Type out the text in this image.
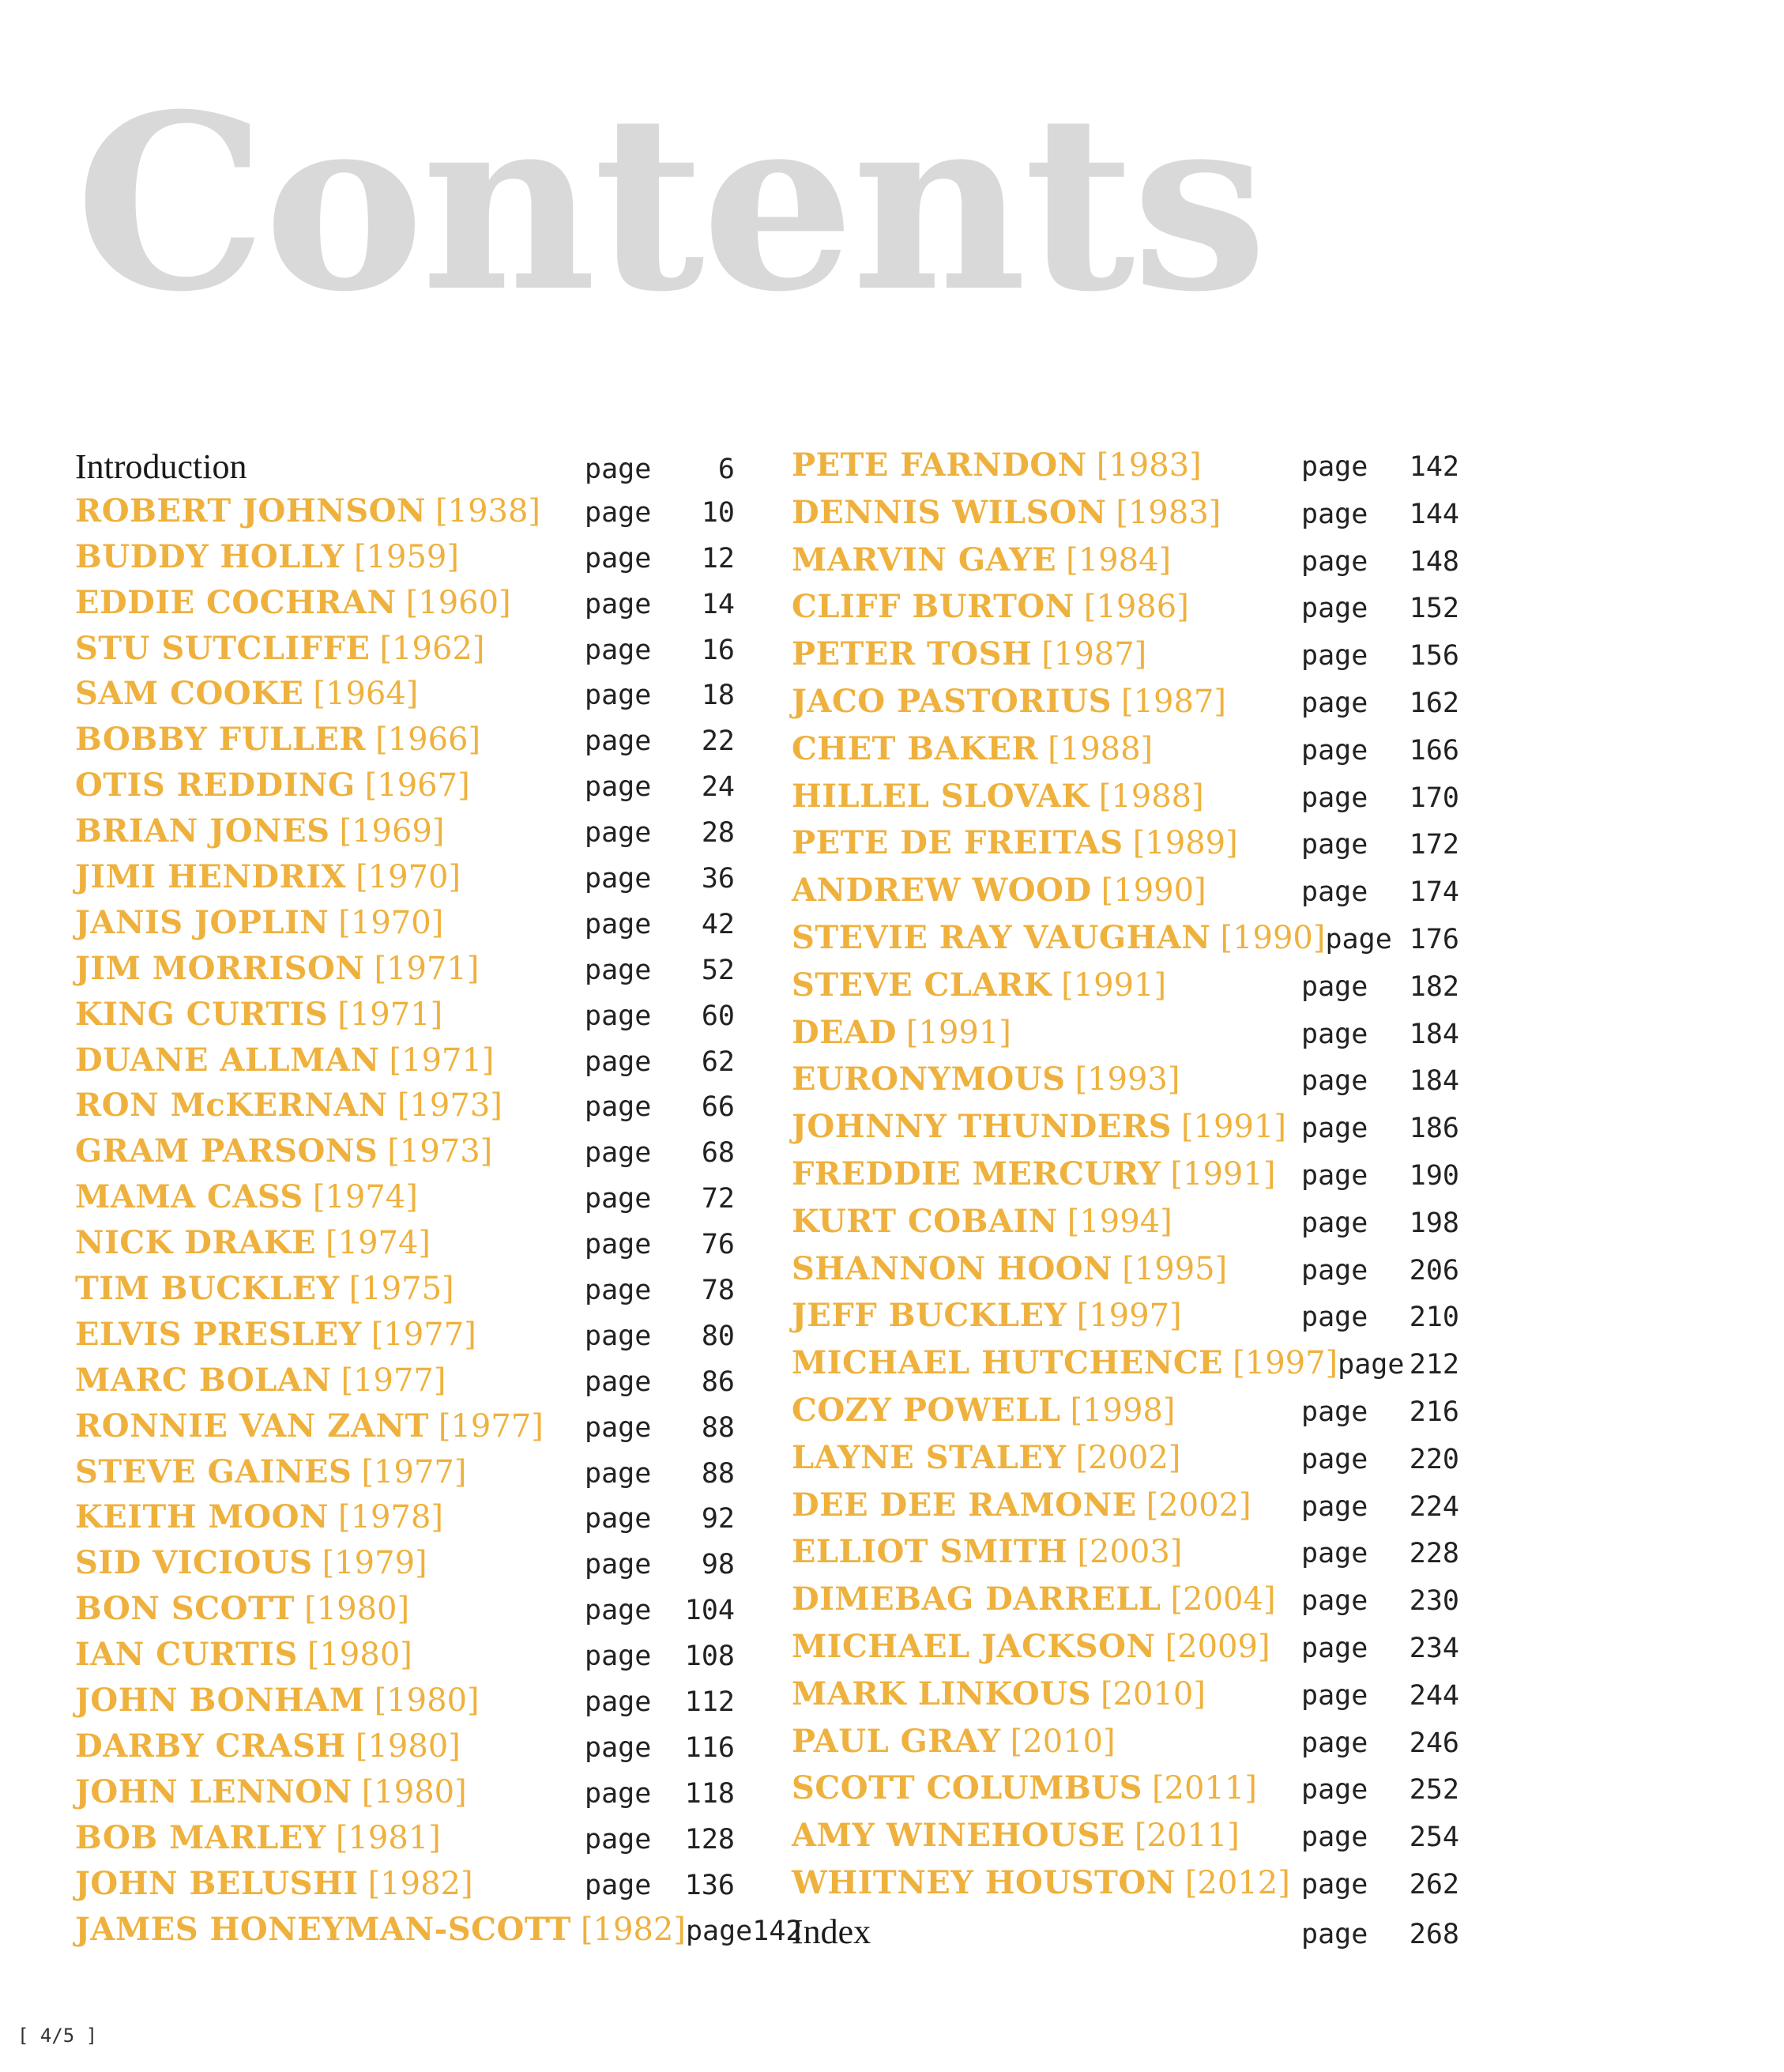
Contents
Introduction	page	6
ROBERT JOHNSON [1938]	page	10
BUDDY HOLLY [1959]	page	12
EDDIE COCHRAN [1960]	page	14
STU SUTCLIFFE [1962]	page	16
SAM COOKE [1964]	page	18
BOBBY FULLER [1966]	page	22
OTIS REDDING [1967]	page	24
BRIAN JONES [1969]	page	28
JIMI HENDRIX [1970]	page	36
JANIS JOPLIN [1970]	page	42
JIM MORRISON [1971]	page	52
KING CURTIS [1971]	page	60
DUANE ALLMAN [1971]	page	62
RON McKERNAN [1973]	page	66
GRAM PARSONS [1973]	page	68
MAMA CASS [1974]	page	72
NICK DRAKE [1974]	page	76
TIM BUCKLEY [1975]	page	78
ELVIS PRESLEY [1977]	page	80
MARC BOLAN [1977]	page	86
RONNIE VAN ZANT [1977]	page	88
STEVE GAINES [1977]	page	88
KEITH MOON [1978]	page	92
SID VICIOUS [1979]	page	98
BON SCOTT [1980]	page	104
IAN CURTIS [1980]	page	108
JOHN BONHAM [1980]	page	112
DARBY CRASH [1980]	page	116
JOHN LENNON [1980]	page	118
BOB MARLEY [1981]	page	128
JOHN BELUSHI [1982]	page	136
JAMES HONEYMAN-SCOTT [1982] page 142
PETE FARNDON [1983]	page	142
DENNIS WILSON [1983]	page	144
MARVIN GAYE [1984]	page	148
CLIFF BURTON [1986]	page	152
PETER TOSH [1987]	page	156
JACO PASTORIUS [1987]	page	162
CHET BAKER [1988]	page	166
HILLEL SLOVAK [1988]	page	170
PETE DE FREITAS [1989]	page	172
ANDREW WOOD [1990]	page	174
STEVIE RAY VAUGHAN [1990] page 176
STEVE CLARK [1991]	page	182
DEAD [1991]	page	184
EURONYMOUS [1993]	page	184
JOHNNY THUNDERS [1991] page	186
FREDDIE MERCURY [1991] page	190
KURT COBAIN [1994]	page	198
SHANNON HOON [1995]	page	206
JEFF BUCKLEY [1997]	page	210
MICHAEL HUTCHENCE [1997] page 212
COZY POWELL [1998]	page	216
LAYNE STALEY [2002]	page	220
DEE DEE RAMONE [2002]	page	224
ELLIOT SMITH [2003]	page	228
DIMEBAG DARRELL [2004] page	230
MICHAEL JACKSON [2009]	page	234
MARK LINKOUS [2010]	page	244
PAUL GRAY [2010]	page	246
SCOTT COLUMBUS [2011]	page	252
AMY WINEHOUSE [2011]	page	254
WHITNEY HOUSTON [2012] page	262
Index	page	268
[ 4/5 ]
